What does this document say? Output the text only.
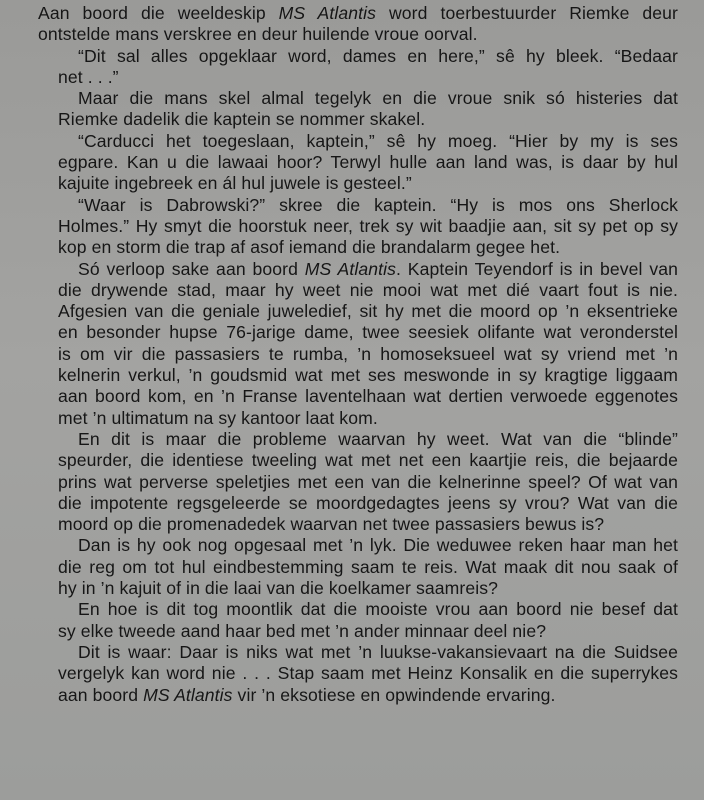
Aan boord die weeldeskip MS Atlantis word toerbestuurder Riemke deur
ontstelde mans verskree en deur huilende vroue oorval.
“Dit sal alles opgeklaar word, dames en here,” sê hy bleek. “Bedaar
net . . .”
Maar die mans skel almal tegelyk en die vroue snik só histeries dat
Riemke dadelik die kaptein se nommer skakel.
“Carducci het toegeslaan, kaptein,” sê hy moeg. “Hier by my is ses
egpare. Kan u die lawaai hoor? Terwyl hulle aan land was, is daar by hul
kajuite ingebreek en ál hul juwele is gesteel.”
“Waar is Dabrowski?” skree die kaptein. “Hy is mos ons Sherlock
Holmes.” Hy smyt die hoorstuk neer, trek sy wit baadjie aan, sit sy pet op sy
kop en storm die trap af asof iemand die brandalarm gegee het.
Só verloop sake aan boord MS Atlantis. Kaptein Teyendorf is in bevel van
die drywende stad, maar hy weet nie mooi wat met dié vaart fout is nie.
Afgesien van die geniale juweledief, sit hy met die moord op ’n eksentrieke
en besonder hupse 76-jarige dame, twee seesiek olifante wat veronderstel
is om vir die passasiers te rumba, ’n homoseksueel wat sy vriend met ’n
kelnerin verkul, ’n goudsmid wat met ses meswonde in sy kragtige liggaam
aan boord kom, en ’n Franse laventelhaan wat dertien verwoede eggenotes
met ’n ultimatum na sy kantoor laat kom.
En dit is maar die probleme waarvan hy weet. Wat van die “blinde”
speurder, die identiese tweeling wat met net een kaartjie reis, die bejaarde
prins wat perverse speletjies met een van die kelnerinne speel? Of wat van
die impotente regsgeleerde se moordgedagtes jeens sy vrou? Wat van die
moord op die promenadedek waarvan net twee passasiers bewus is?
Dan is hy ook nog opgesaal met ’n lyk. Die weduwee reken haar man het
die reg om tot hul eindbestemming saam te reis. Wat maak dit nou saak of
hy in ’n kajuit of in die laai van die koelkamer saamreis?
En hoe is dit tog moontlik dat die mooiste vrou aan boord nie besef dat
sy elke tweede aand haar bed met ’n ander minnaar deel nie?
Dit is waar: Daar is niks wat met ’n luukse-vakansievaart na die Suidsee
vergelyk kan word nie . . . Stap saam met Heinz Konsalik en die superrykes
aan boord MS Atlantis vir ’n eksotiese en opwindende ervaring.
